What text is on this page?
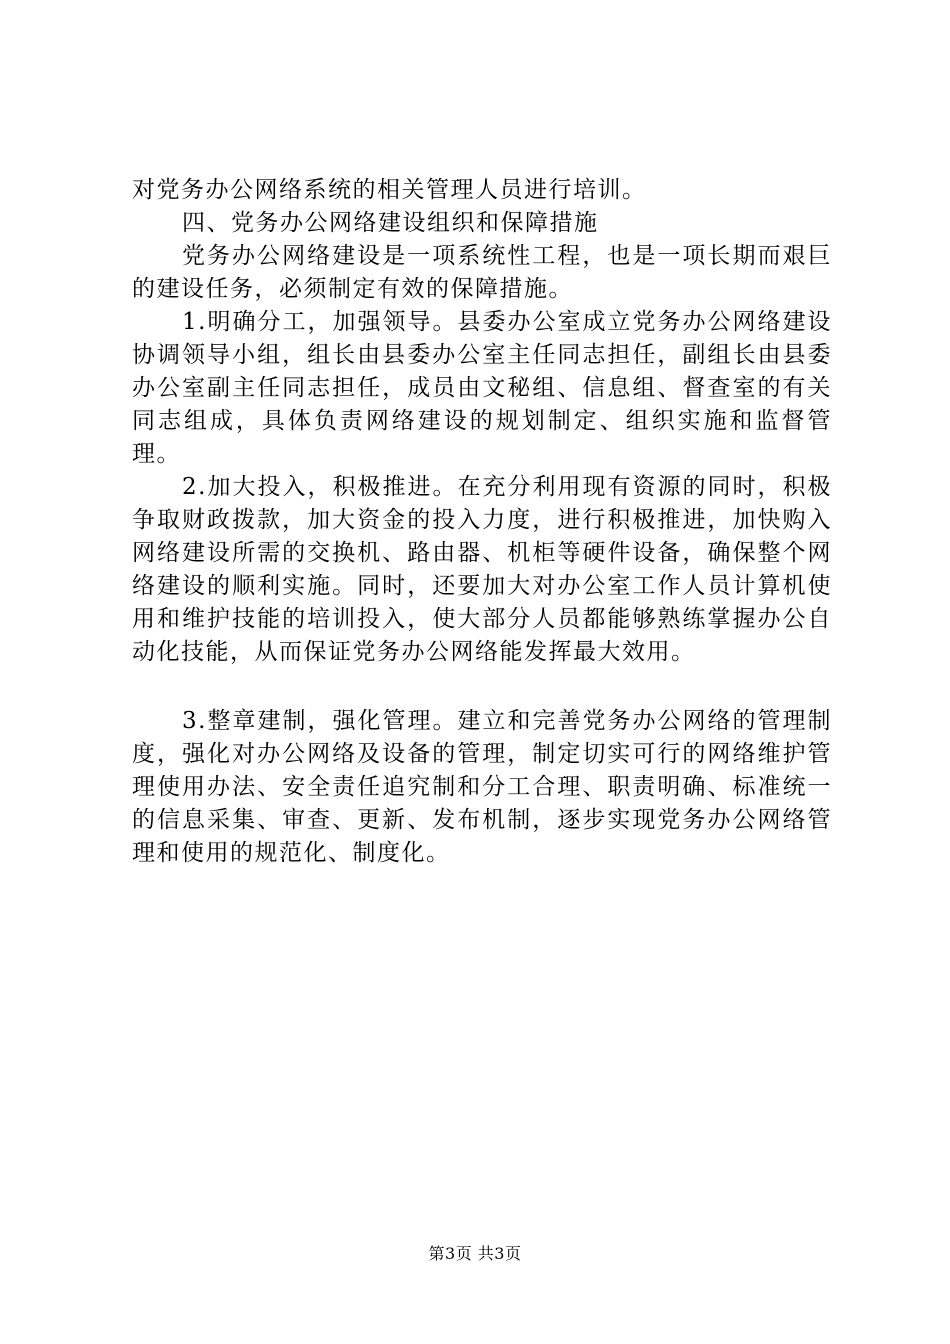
对党务办公网络系统的相关管理人员进行培训。

四、党务办公网络建设组织和保障措施

党务办公网络建设是一项系统性工程，也是一项长期而艰巨的建设任务，必须制定有效的保障措施。

1.明确分工，加强领导。县委办公室成立党务办公网络建设协调领导小组，组长由县委办公室主任同志担任，副组长由县委办公室副主任同志担任，成员由文秘组、信息组、督查室的有关同志组成，具体负责网络建设的规划制定、组织实施和监督管理。

2.加大投入，积极推进。在充分利用现有资源的同时，积极争取财政拨款，加大资金的投入力度，进行积极推进，加快购入网络建设所需的交换机、路由器、机柜等硬件设备，确保整个网络建设的顺利实施。同时，还要加大对办公室工作人员计算机使用和维护技能的培训投入，使大部分人员都能够熟练掌握办公自动化技能，从而保证党务办公网络能发挥最大效用。

3.整章建制，强化管理。建立和完善党务办公网络的管理制度，强化对办公网络及设备的管理，制定切实可行的网络维护管理使用办法、安全责任追究制和分工合理、职责明确、标准统一的信息采集、审查、更新、发布机制，逐步实现党务办公网络管理和使用的规范化、制度化。

第3页 共3页
